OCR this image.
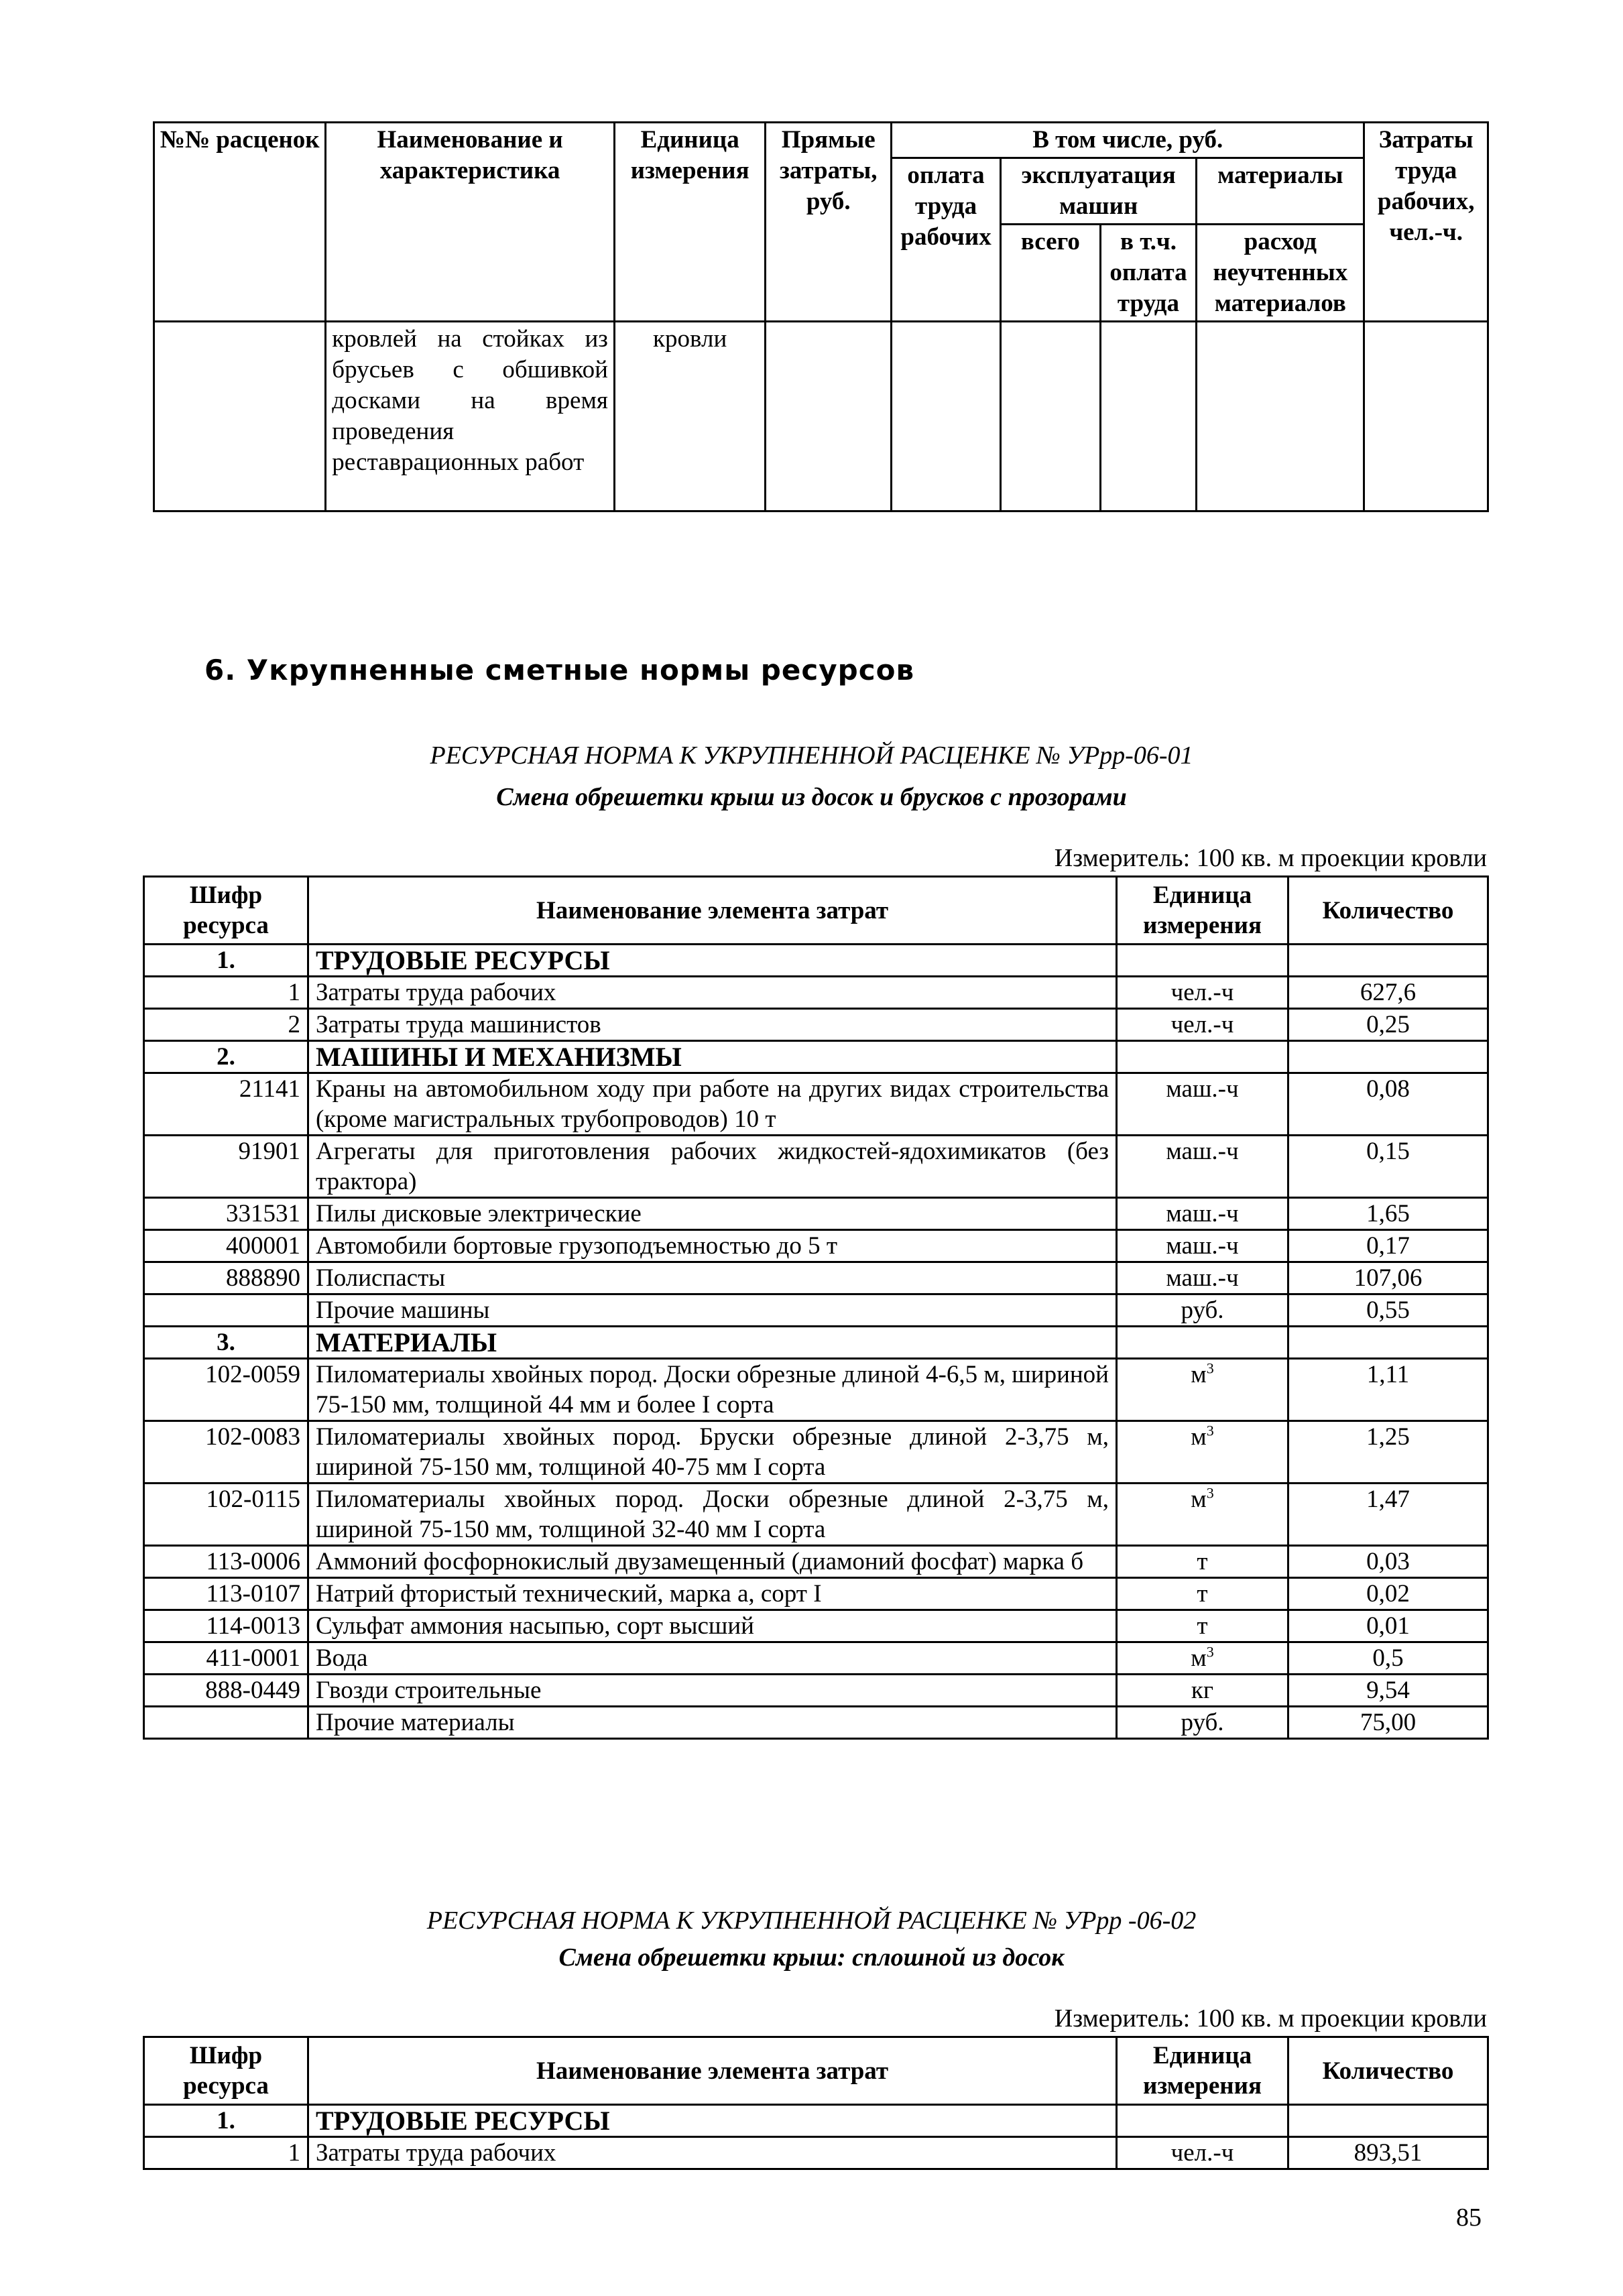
№№ расценок	Наименование и характеристика	Единица измерения	Прямые затраты, руб.	В том числе, руб.				Затраты труда рабочих, чел.-ч.
				оплата труда рабочих	эксплуатация машин		материалы	
					всего	в т.ч. оплата труда	расход неучтенных материалов	
	кровлей на стойках из брусьев с обшивкой досками на время проведения реставрационных работ	кровли						
6. Укрупненные сметные нормы ресурсов
РЕСУРСНАЯ НОРМА К УКРУПНЕННОЙ РАСЦЕНКЕ № УРрр-06-01
Смена обрешетки крыш из досок и брусков с прозорами
Измеритель: 100 кв. м проекции кровли
Шифр ресурса	Наименование элемента затрат	Единица измерения	Количество
1.	ТРУДОВЫЕ РЕСУРСЫ		
1	Затраты труда рабочих	чел.-ч	627,6
2	Затраты труда машинистов	чел.-ч	0,25
2.	МАШИНЫ И МЕХАНИЗМЫ		
21141	Краны на автомобильном ходу при работе на других видах строительства (кроме магистральных трубопроводов) 10 т	маш.-ч	0,08
91901	Агрегаты для приготовления рабочих жидкостей-ядохимикатов (без трактора)	маш.-ч	0,15
331531	Пилы дисковые электрические	маш.-ч	1,65
400001	Автомобили бортовые грузоподъемностью до 5 т	маш.-ч	0,17
888890	Полиспасты	маш.-ч	107,06
	Прочие машины	руб.	0,55
3.	МАТЕРИАЛЫ		
102-0059	Пиломатериалы хвойных пород. Доски обрезные длиной 4-6,5 м, шириной 75-150 мм, толщиной 44 мм и более I сорта	$м^3$	1,11
102-0083	Пиломатериалы хвойных пород. Бруски обрезные длиной 2-3,75 м, шириной 75-150 мм, толщиной 40-75 мм I сорта	$м^3$	1,25
102-0115	Пиломатериалы хвойных пород. Доски обрезные длиной 2-3,75 м, шириной 75-150 мм, толщиной 32-40 мм I сорта	$м^3$	1,47
113-0006	Аммоний фосфорнокислый двузамещенный (диамоний фосфат) марка б	т	0,03
113-0107	Натрий фтористый технический, марка а, сорт I	т	0,02
114-0013	Сульфат аммония насыпью, сорт высший	т	0,01
411-0001	Вода	$м^3$	0,5
888-0449	Гвозди строительные	кг	9,54
	Прочие материалы	руб.	75,00
РЕСУРСНАЯ НОРМА К УКРУПНЕННОЙ РАСЦЕНКЕ № УРрр -06-02
Смена обрешетки крыш: сплошной из досок
Измеритель: 100 кв. м проекции кровли
Шифр ресурса	Наименование элемента затрат	Единица измерения	Количество
1.	ТРУДОВЫЕ РЕСУРСЫ		
1	Затраты труда рабочих	чел.-ч	893,51
85
